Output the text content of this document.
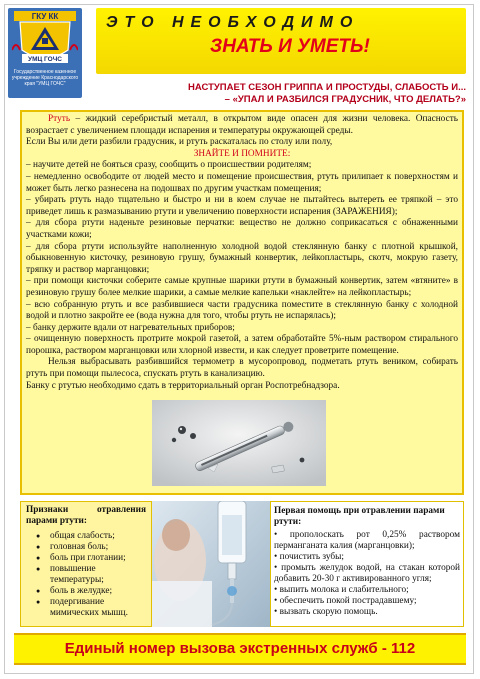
ГКУ КК
УМЦ ГОЧС
Государственное казенное учреждение Краснодарского края "УМЦ ГОЧС"
ЭТО НЕОБХОДИМО
ЗНАТЬ И УМЕТЬ!
НАСТУПАЕТ СЕЗОН ГРИППА И ПРОСТУДЫ, СЛАБОСТЬ И...
– «УПАЛ И РАЗБИЛСЯ ГРАДУСНИК, ЧТО ДЕЛАТЬ?»

Ртуть – жидкий серебристый металл, в открытом виде опасен для жизни человека. Опасность возрастает с увеличением площади испарения и температуры окружающей среды.

Если Вы или дети разбили градусник, и ртуть раскаталась по столу или полу,

ЗНАЙТЕ И ПОМНИТЕ:

– научите детей не бояться сразу, сообщить о происшествии родителям;

– немедленно освободите от людей место и помещение происшествия, ртуть прилипает к поверхностям и может быть легко разнесена на подошвах по другим участкам помещения;

– убирать ртуть надо тщательно и быстро и ни в коем случае не пытайтесь вытереть ее тряпкой – это приведет лишь к размазыванию ртути и увеличению поверхности испарения (ЗАРАЖЕНИЯ);

– для сбора ртути наденьте резиновые перчатки: вещество не должно соприкасаться с обнаженными участками кожи;

– для сбора ртути используйте наполненную холодной водой стеклянную банку с плотной крышкой, обыкновенную кисточку, резиновую грушу, бумажный конвертик, лейкопластырь, скотч, мокрую газету, тряпку и раствор марганцовки;

– при помощи кисточки соберите самые крупные шарики ртути в бумажный конвертик, затем «втяните» в резиновую грушу более мелкие шарики, а самые мелкие капельки «наклейте» на лейкопластырь;

– всю собранную ртуть и все разбившиеся части градусника поместите в стеклянную банку с холодной водой и плотно закройте ее (вода нужна для того, чтобы ртуть не испарялась);

– банку держите вдали от нагревательных приборов;

– очищенную поверхность протрите мокрой газетой, а затем обработайте 5%-ным раствором стирального порошка, раствором марганцовки или хлорной извести, и как следует проветрите помещение.

Нельзя выбрасывать разбившийся термометр в мусоропровод, подметать ртуть веником, собирать ртуть при помощи пылесоса, спускать ртуть в канализацию.

Банку с ртутью необходимо сдать в территориальный орган Роспотребнадзора.

Признаки отравления парами ртути:
● общая слабость;
● головная боль;
● боль при глотании;
● повышение температуры;
● боль в желудке;
● подергивание мимических мышц.
Первая помощь при отравлении парами ртути:
• прополоскать рот 0,25% раствором перманганата калия (марганцовки);
• почистить зубы;
• промыть желудок водой, на стакан которой добавить 20-30 г активированного угля;
• выпить молока и слабительного;
• обеспечить покой пострадавшему;
• вызвать скорую помощь.
Единый номер вызова экстренных служб - 112
